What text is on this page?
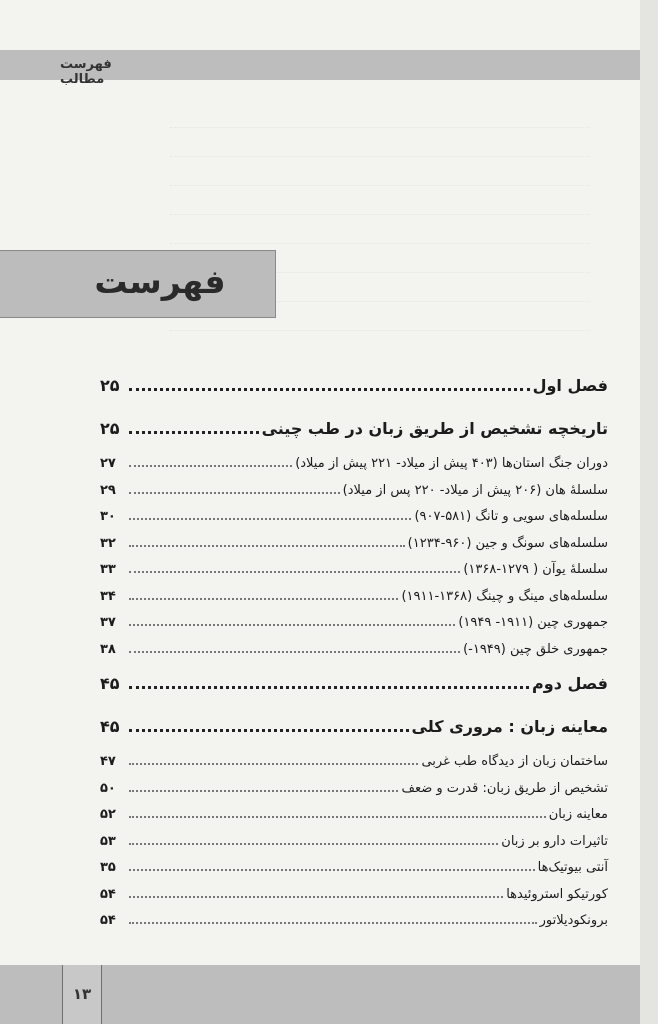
فهرست مطالب
فهرست
فصل اول
۲۵
تاریخچه تشخیص از طریق زبان در طب چینی
۲۵
دوران جنگ استان‌ها (۴۰۳ پیش از میلاد- ۲۲۱ پیش از میلاد)
۲۷
سلسلهٔ هان (۲۰۶ پیش از میلاد- ۲۲۰ پس از میلاد)
۲۹
سلسله‌های سویی و تانگ (۵۸۱-۹۰۷)
۳۰
سلسله‌های سونگ و جین (۹۶۰-۱۲۳۴)
۳۲
سلسلهٔ یوآن ( ۱۲۷۹-۱۳۶۸)
۳۳
سلسله‌های مینگ و چینگ (۱۳۶۸-۱۹۱۱)
۳۴
جمهوری چین (۱۹۱۱- ۱۹۴۹)
۳۷
جمهوری خلق چین (۱۹۴۹-)
۳۸
فصل دوم
۴۵
معاینه زبان : مروری کلی
۴۵
ساختمان زبان از دیدگاه طب غربی
۴۷
تشخیص از طریق زبان: قدرت و ضعف
۵۰
معاینه زبان
۵۲
تاثیرات دارو بر زبان
۵۳
آنتی بیوتیک‌ها
۳۵
کورتیکو استروئیدها
۵۴
برونکودیلاتور
۵۴
۱۳
